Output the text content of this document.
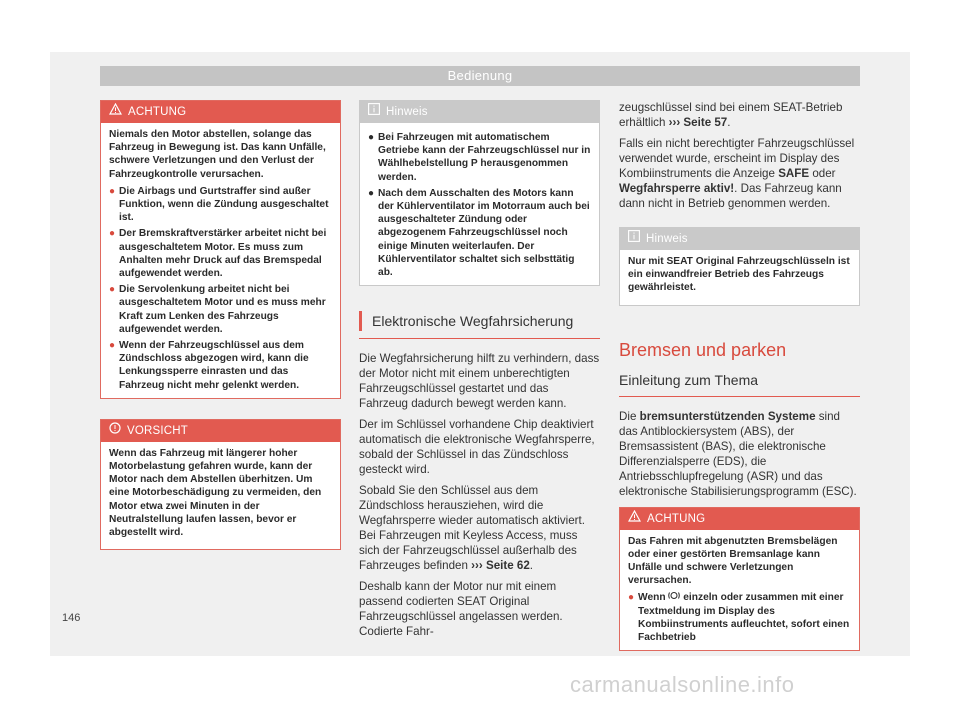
Bedienung
ACHTUNG

Niemals den Motor abstellen, solange das Fahrzeug in Bewegung ist. Das kann Unfälle, schwere Verletzungen und den Verlust der Fahrzeugkontrolle verursachen.

● Die Airbags und Gurtstraffer sind außer Funktion, wenn die Zündung ausgeschaltet ist.
● Der Bremskraftverstärker arbeitet nicht bei ausgeschaltetem Motor. Es muss zum Anhalten mehr Druck auf das Bremspedal aufgewendet werden.
● Die Servolenkung arbeitet nicht bei ausgeschaltetem Motor und es muss mehr Kraft zum Lenken des Fahrzeugs aufgewendet werden.
● Wenn der Fahrzeugschlüssel aus dem Zündschloss abgezogen wird, kann die Lenkungssperre einrasten und das Fahrzeug nicht mehr gelenkt werden.
VORSICHT

Wenn das Fahrzeug mit längerer hoher Motorbelastung gefahren wurde, kann der Motor nach dem Abstellen überhitzen. Um eine Motorbeschädigung zu vermeiden, den Motor etwa zwei Minuten in der Neutralstellung laufen lassen, bevor er abgestellt wird.

Hinweis
● Bei Fahrzeugen mit automatischem Getriebe kann der Fahrzeugschlüssel nur in Wählhebelstellung P herausgenommen werden.
● Nach dem Ausschalten des Motors kann der Kühlerventilator im Motorraum auch bei ausgeschalteter Zündung oder abgezogenem Fahrzeugschlüssel noch einige Minuten weiterlaufen. Der Kühlerventilator schaltet sich selbsttätig ab.
Elektronische Wegfahrsicherung

Die Wegfahrsicherung hilft zu verhindern, dass der Motor nicht mit einem unberechtigten Fahrzeugschlüssel gestartet und das Fahrzeug dadurch bewegt werden kann.

Der im Schlüssel vorhandene Chip deaktiviert automatisch die elektronische Wegfahrsperre, sobald der Schlüssel in das Zündschloss gesteckt wird.

Sobald Sie den Schlüssel aus dem Zündschloss herausziehen, wird die Wegfahrsperre wieder automatisch aktiviert. Bei Fahrzeugen mit Keyless Access, muss sich der Fahrzeugschlüssel außerhalb des Fahrzeuges befinden ››› Seite 62.

Deshalb kann der Motor nur mit einem passend codierten SEAT Original Fahrzeugschlüssel angelassen werden. Codierte Fahr-

zeugschlüssel sind bei einem SEAT-Betrieb erhältlich ››› Seite 57.

Falls ein nicht berechtigter Fahrzeugschlüssel verwendet wurde, erscheint im Display des Kombiinstruments die Anzeige SAFE oder Wegfahrsperre aktiv!. Das Fahrzeug kann dann nicht in Betrieb genommen werden.

Hinweis

Nur mit SEAT Original Fahrzeugschlüsseln ist ein einwandfreier Betrieb des Fahrzeugs gewährleistet.

Bremsen und parken
Einleitung zum Thema

Die bremsunterstützenden Systeme sind das Antiblockiersystem (ABS), der Bremsassistent (BAS), die elektronische Differenzialsperre (EDS), die Antriebsschlupfregelung (ASR) und das elektronische Stabilisierungsprogramm (ESC).

ACHTUNG

Das Fahren mit abgenutzten Bremsbelägen oder einer gestörten Bremsanlage kann Unfälle und schwere Verletzungen verursachen.

● Wenn  einzeln oder zusammen mit einer Textmeldung im Display des Kombiinstruments aufleuchtet, sofort einen Fachbetrieb
146
carmanualsonline.info
